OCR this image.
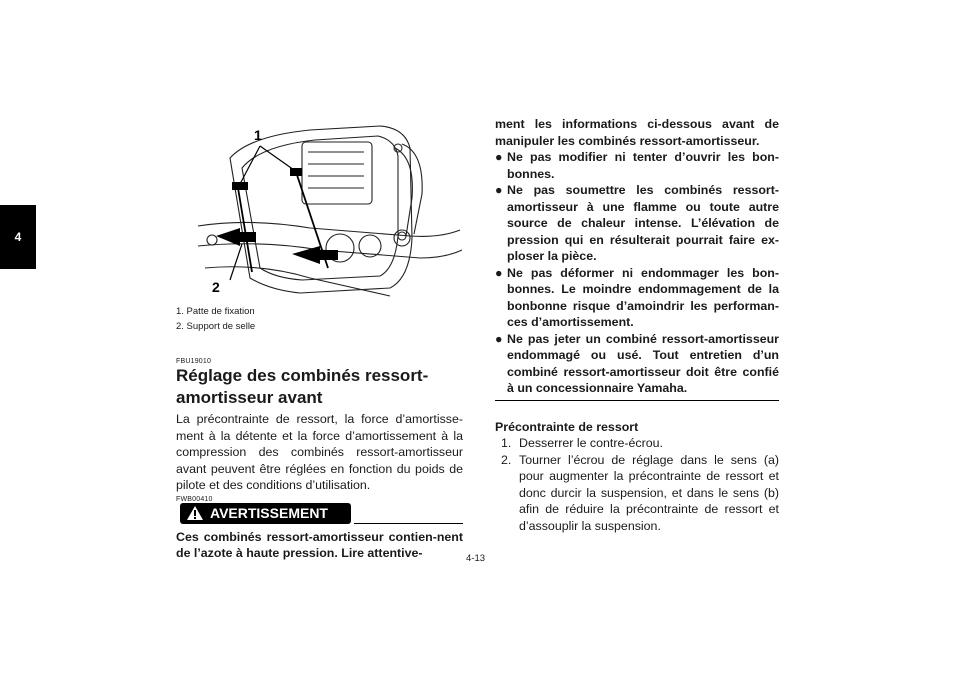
4
1
2
1. Patte de fixation
2. Support de selle
FBU19010
Réglage des combinés ressort-
amortisseur avant

La précontrainte de ressort, la force d’amortisse-ment à la détente et la force d’amortissement à la compression des combinés ressort-amortisseur avant peuvent être réglées en fonction du poids de pilote et des conditions d’utilisation.

FWB00410
AVERTISSEMENT

Ces combinés ressort-amortisseur contien-nent de l’azote à haute pression. Lire attentive-

ment les informations ci-dessous avant de manipuler les combinés ressort-amortisseur.

● Ne pas modifier ni tenter d’ouvrir les bon-bonnes.
● Ne pas soumettre les combinés ressort-amortisseur à une flamme ou toute autre source de chaleur intense. L’élévation de pression qui en résulterait pourrait faire ex-ploser la pièce.
● Ne pas déformer ni endommager les bon-bonnes. Le moindre endommagement de la bonbonne risque d’amoindrir les performan-ces d’amortissement.
● Ne pas jeter un combiné ressort-amortisseur endommagé ou usé. Tout entretien d’un combiné ressort-amortisseur doit être confié à un concessionnaire Yamaha.
Précontrainte de ressort
1. Desserrer le contre-écrou.
2. Tourner l’écrou de réglage dans le sens (a) pour augmenter la précontrainte de ressort et donc durcir la suspension, et dans le sens (b) afin de réduire la précontrainte de ressort et d’assouplir la suspension.
4-13
